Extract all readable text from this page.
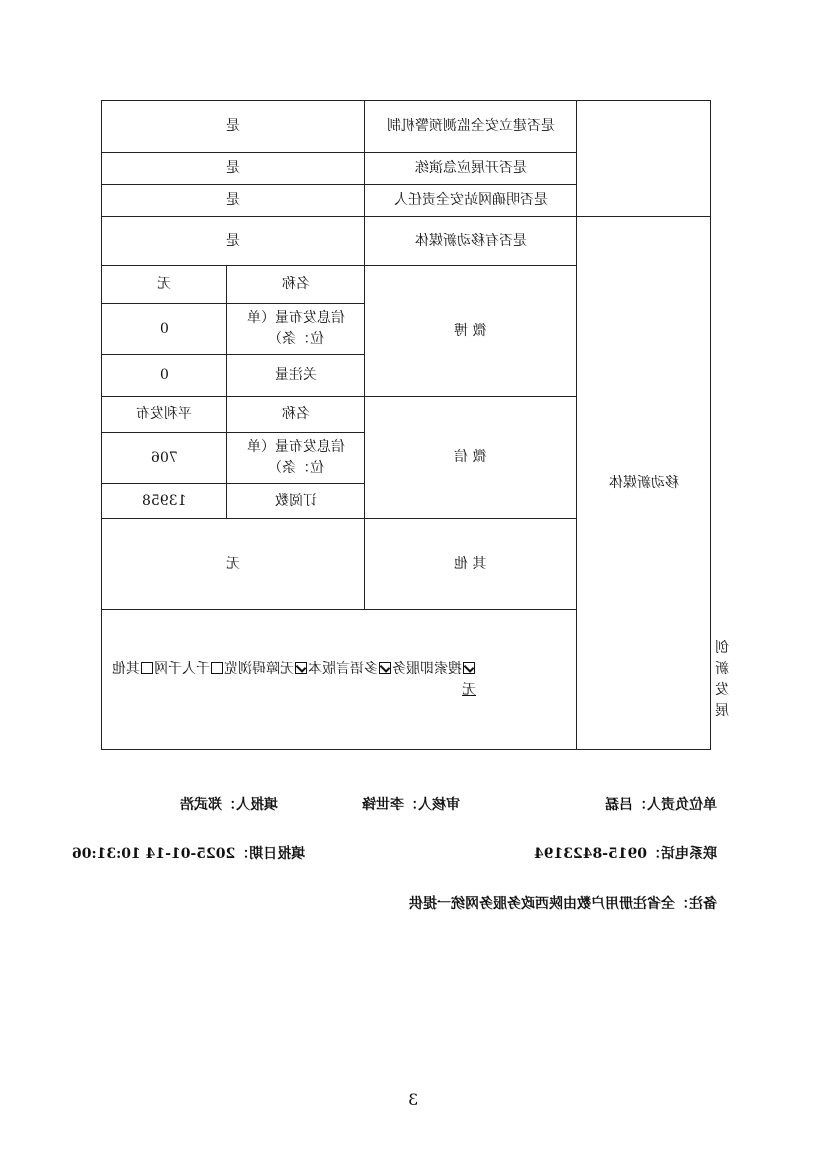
是		是否建立安全监测预警机制		
是		是否开展应急演练		
是		是否明确网站安全责任人		
是		是否有移动新媒体	移动新媒体	
无	名称	微 博		
0	信息发布量（单位：条）			
0	关注量			
平利发布	名称	微 信		
706	信息发布量（单位：条）			
13958	订阅数			
无		其 他		
搜索即服务多语言版本无障碍浏览千人千网其他
无				创新发展
单位负责人：吕磊
审核人：李世锋
填报人：郑武浩
联系电话：0915-8423194
填报日期：2025-01-14 10:31:06
备注：全省注册用户数由陕西政务服务网统一提供
3
